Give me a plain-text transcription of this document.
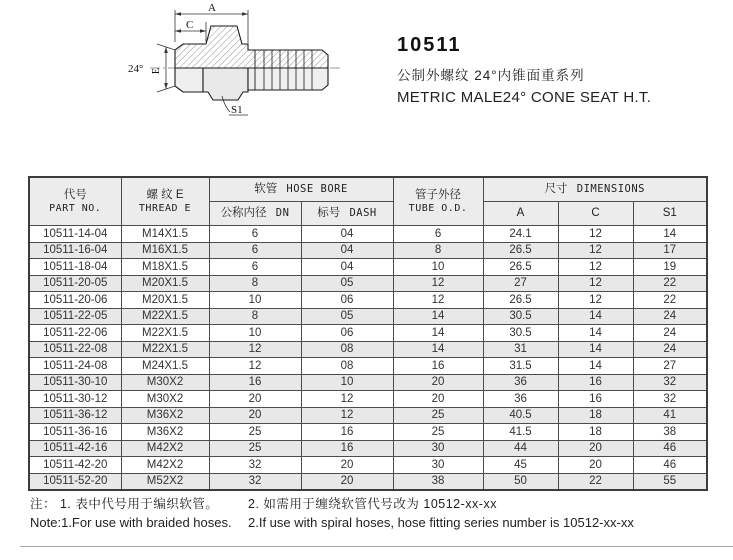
A
C
24° E
S1
10511
公制外螺纹 24°内锥面重系列
METRIC MALE24° CONE SEAT H.T.
代号
PART NO.	螺 纹 E
THREAD E	软管 HOSE BORE		管子外径
TUBE O.D.	尺寸 DIMENSIONS		
		公称内径 DN	标号 DASH		A	C	S1
10511-14-04	M14X1.5	6	04	6	24.1	12	14
10511-16-04	M16X1.5	6	04	8	26.5	12	17
10511-18-04	M18X1.5	6	04	10	26.5	12	19
10511-20-05	M20X1.5	8	05	12	27	12	22
10511-20-06	M20X1.5	10	06	12	26.5	12	22
10511-22-05	M22X1.5	8	05	14	30.5	14	24
10511-22-06	M22X1.5	10	06	14	30.5	14	24
10511-22-08	M22X1.5	12	08	14	31	14	24
10511-24-08	M24X1.5	12	08	16	31.5	14	27
10511-30-10	M30X2	16	10	20	36	16	32
10511-30-12	M30X2	20	12	20	36	16	32
10511-36-12	M36X2	20	12	25	40.5	18	41
10511-36-16	M36X2	25	16	25	41.5	18	38
10511-42-16	M42X2	25	16	30	44	20	46
10511-42-20	M42X2	32	20	30	45	20	46
10511-52-20	M52X2	32	20	38	50	22	55
注： 1. 表中代号用于编织软管。	2. 如需用于缠绕软管代号改为 10512-xx-xx
Note:1.For use with braided hoses.	2.If use with spiral hoses, hose fitting series number is 10512-xx-xx
